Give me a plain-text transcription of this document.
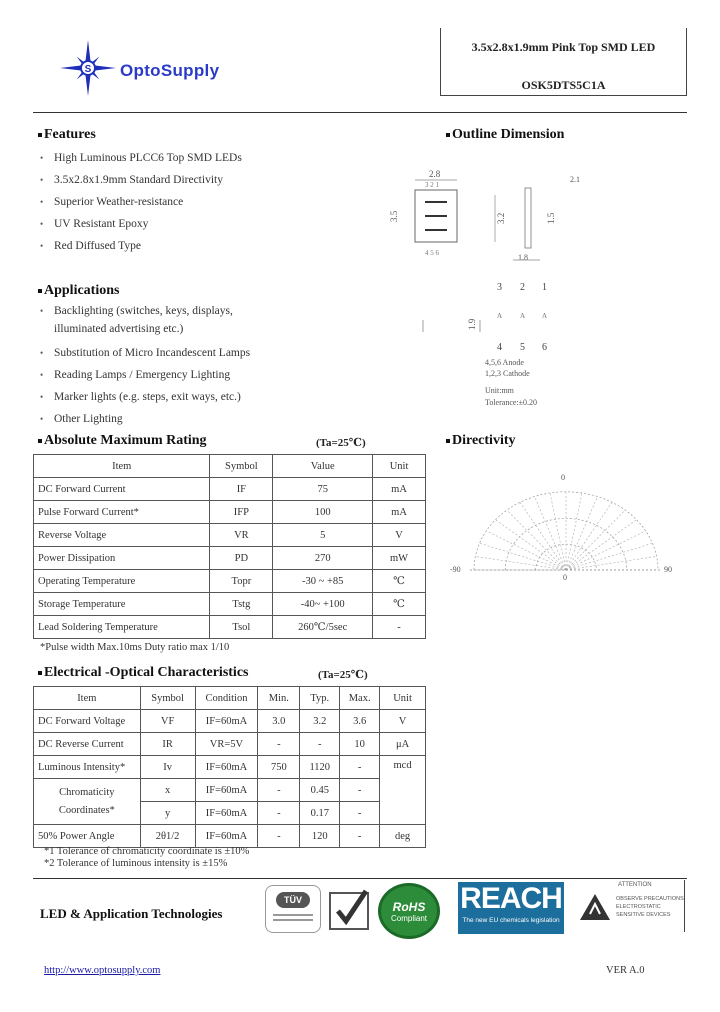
S OptoSupply
3.5x2.8x1.9mm Pink Top SMD LED
OSK5DTS5C1A
Features
• High Luminous PLCC6 Top SMD LEDs
• 3.5x2.8x1.9mm Standard Directivity
• Superior Weather-resistance
• UV Resistant Epoxy
• Red Diffused Type
Applications
• Backlighting (switches, keys, displays, illuminated advertising etc.)
• Substitution of Micro Incandescent Lamps
• Reading Lamps / Emergency Lighting
• Marker lights (e.g. steps, exit ways, etc.)
• Other Lighting
Outline Dimension
2.8
3.5
3 2 1
4 5 6
3.2	1.5
2.1
1.8
3 2 1
A	A A
4 5 6
1.9
4,5,6 Anode
1,2,3 Cathode
Unit:mm
Tolerance:±0.20
Absolute Maximum Rating	(Ta=25℃)
Item	Symbol	Value	Unit
DC Forward Current	IF	75	mA
Pulse Forward Current*	IFP	100	mA
Reverse Voltage	VR	5	V
Power Dissipation	PD	270	mW
Operating Temperature	Topr	-30 ~ +85	℃
Storage Temperature	Tstg	-40~ +100	℃
Lead Soldering Temperature	Tsol	260℃/5sec	-
*Pulse width Max.10ms Duty ratio max 1/10
Directivity
0
-90	90
0
Electrical -Optical Characteristics	(Ta=25℃)
Item	Symbol	Condition	Min.	Typ.	Max.	Unit
DC Forward Voltage	VF	IF=60mA	3.0	3.2	3.6	V
DC Reverse Current	IR	VR=5V	-	-	10	μA
Luminous Intensity*	Iv	IF=60mA	750	1120	-	mcd
Chromaticity
Coordinates*	x	IF=60mA	-	0.45	-	
	y	IF=60mA	-	0.17	-	
50% Power Angle	2θ1/2	IF=60mA	-	120	-	deg
*1 Tolerance of chromaticity coordinate is ±10%
*2 Tolerance of luminous intensity is ±15%
LED & Application Technologies
TÜV	RoHS
Compliant
REACH
The new EU chemicals legislation
ATTENTION
OBSERVE PRECAUTIONS
ELECTROSTATIC
SENSITIVE DEVICES
http://www.optosupply.com	VER A.0
